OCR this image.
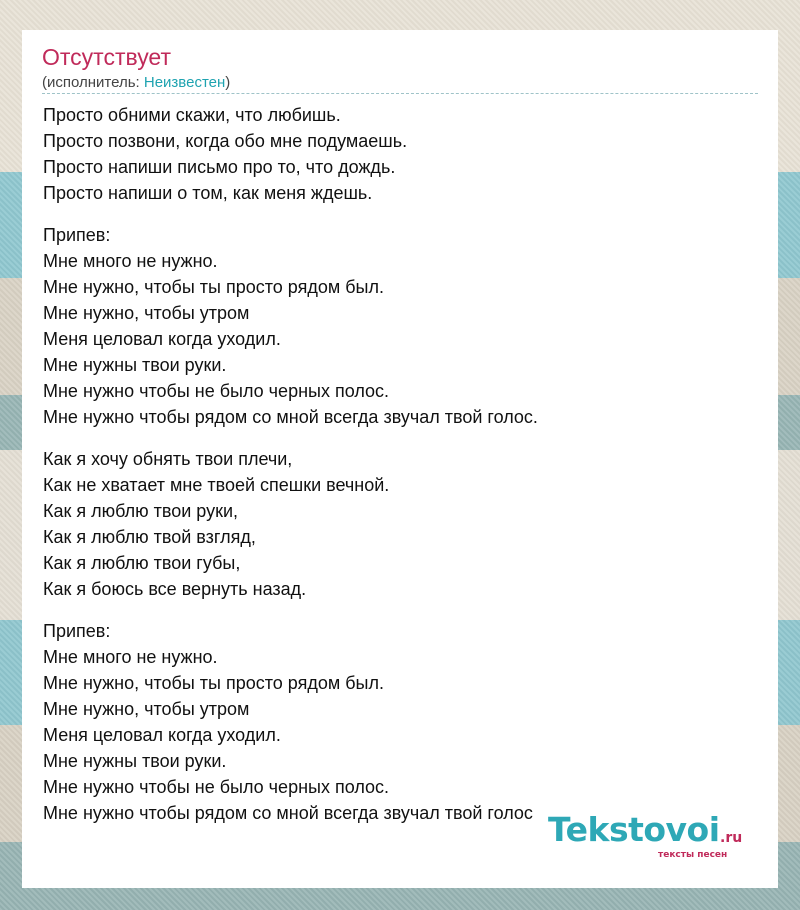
Отсутствует
(исполнитель: Неизвестен)
Просто обними скажи, что любишь.
Просто позвони, когда обо мне подумаешь.
Просто напиши письмо про то, что дождь.
Просто напиши о том, как меня ждешь.
Припев:
Мне много не нужно.
Мне нужно, чтобы ты просто рядом был.
Мне нужно, чтобы утром
Меня целовал когда уходил.
Мне нужны твои руки.
Мне нужно чтобы не было черных полос.
Мне нужно чтобы рядом со мной всегда звучал твой голос.
Как я хочу обнять твои плечи,
Как не хватает мне твоей спешки вечной.
Как я люблю твои руки,
Как я люблю твой взгляд,
Как я люблю твои губы,
Как я боюсь все вернуть назад.
Припев:
Мне много не нужно.
Мне нужно, чтобы ты просто рядом был.
Мне нужно, чтобы утром
Меня целовал когда уходил.
Мне нужны твои руки.
Мне нужно чтобы не было черных полос.
Мне нужно чтобы рядом со мной всегда звучал твой голос Tekstovoi .ru
тексты песен
